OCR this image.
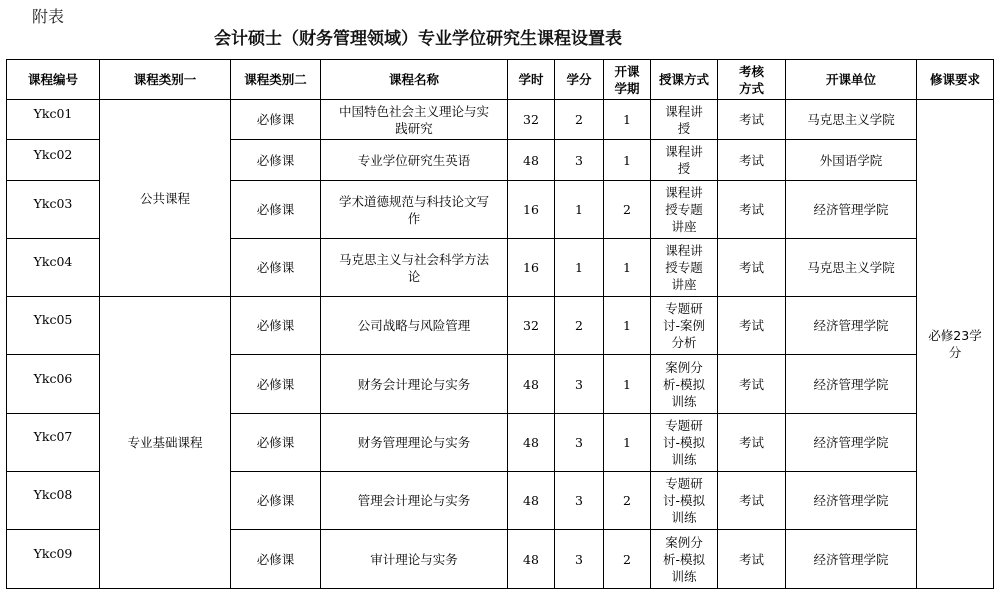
附表
会计硕士（财务管理领域）专业学位研究生课程设置表
课程编号	课程类别一	课程类别二	课程名称	学时	学分	开课学期	授课方式	考核方式	开课单位	修课要求

Ykc01	公共课程	必修课	中国特色社会主义理论与实践研究	32	2	1	课程讲授	考试	马克思主义学院	必修23学分

Ykc02		必修课	专业学位研究生英语	48	3	1	课程讲授	考试	外国语学院	

Ykc03		必修课	学术道德规范与科技论文写作	16	1	2	课程讲授专题讲座	考试	经济管理学院	

Ykc04		必修课	马克思主义与社会科学方法论	16	1	1	课程讲授专题讲座	考试	马克思主义学院	

Ykc05	专业基础课程	必修课	公司战略与风险管理	32	2	1	专题研讨-案例分析	考试	经济管理学院	

Ykc06		必修课	财务会计理论与实务	48	3	1	案例分析-模拟训练	考试	经济管理学院	

Ykc07		必修课	财务管理理论与实务	48	3	1	专题研讨-模拟训练	考试	经济管理学院	

Ykc08		必修课	管理会计理论与实务	48	3	2	专题研讨-模拟训练	考试	经济管理学院	

Ykc09		必修课	审计理论与实务	48	3	2	案例分析-模拟训练	考试	经济管理学院	
